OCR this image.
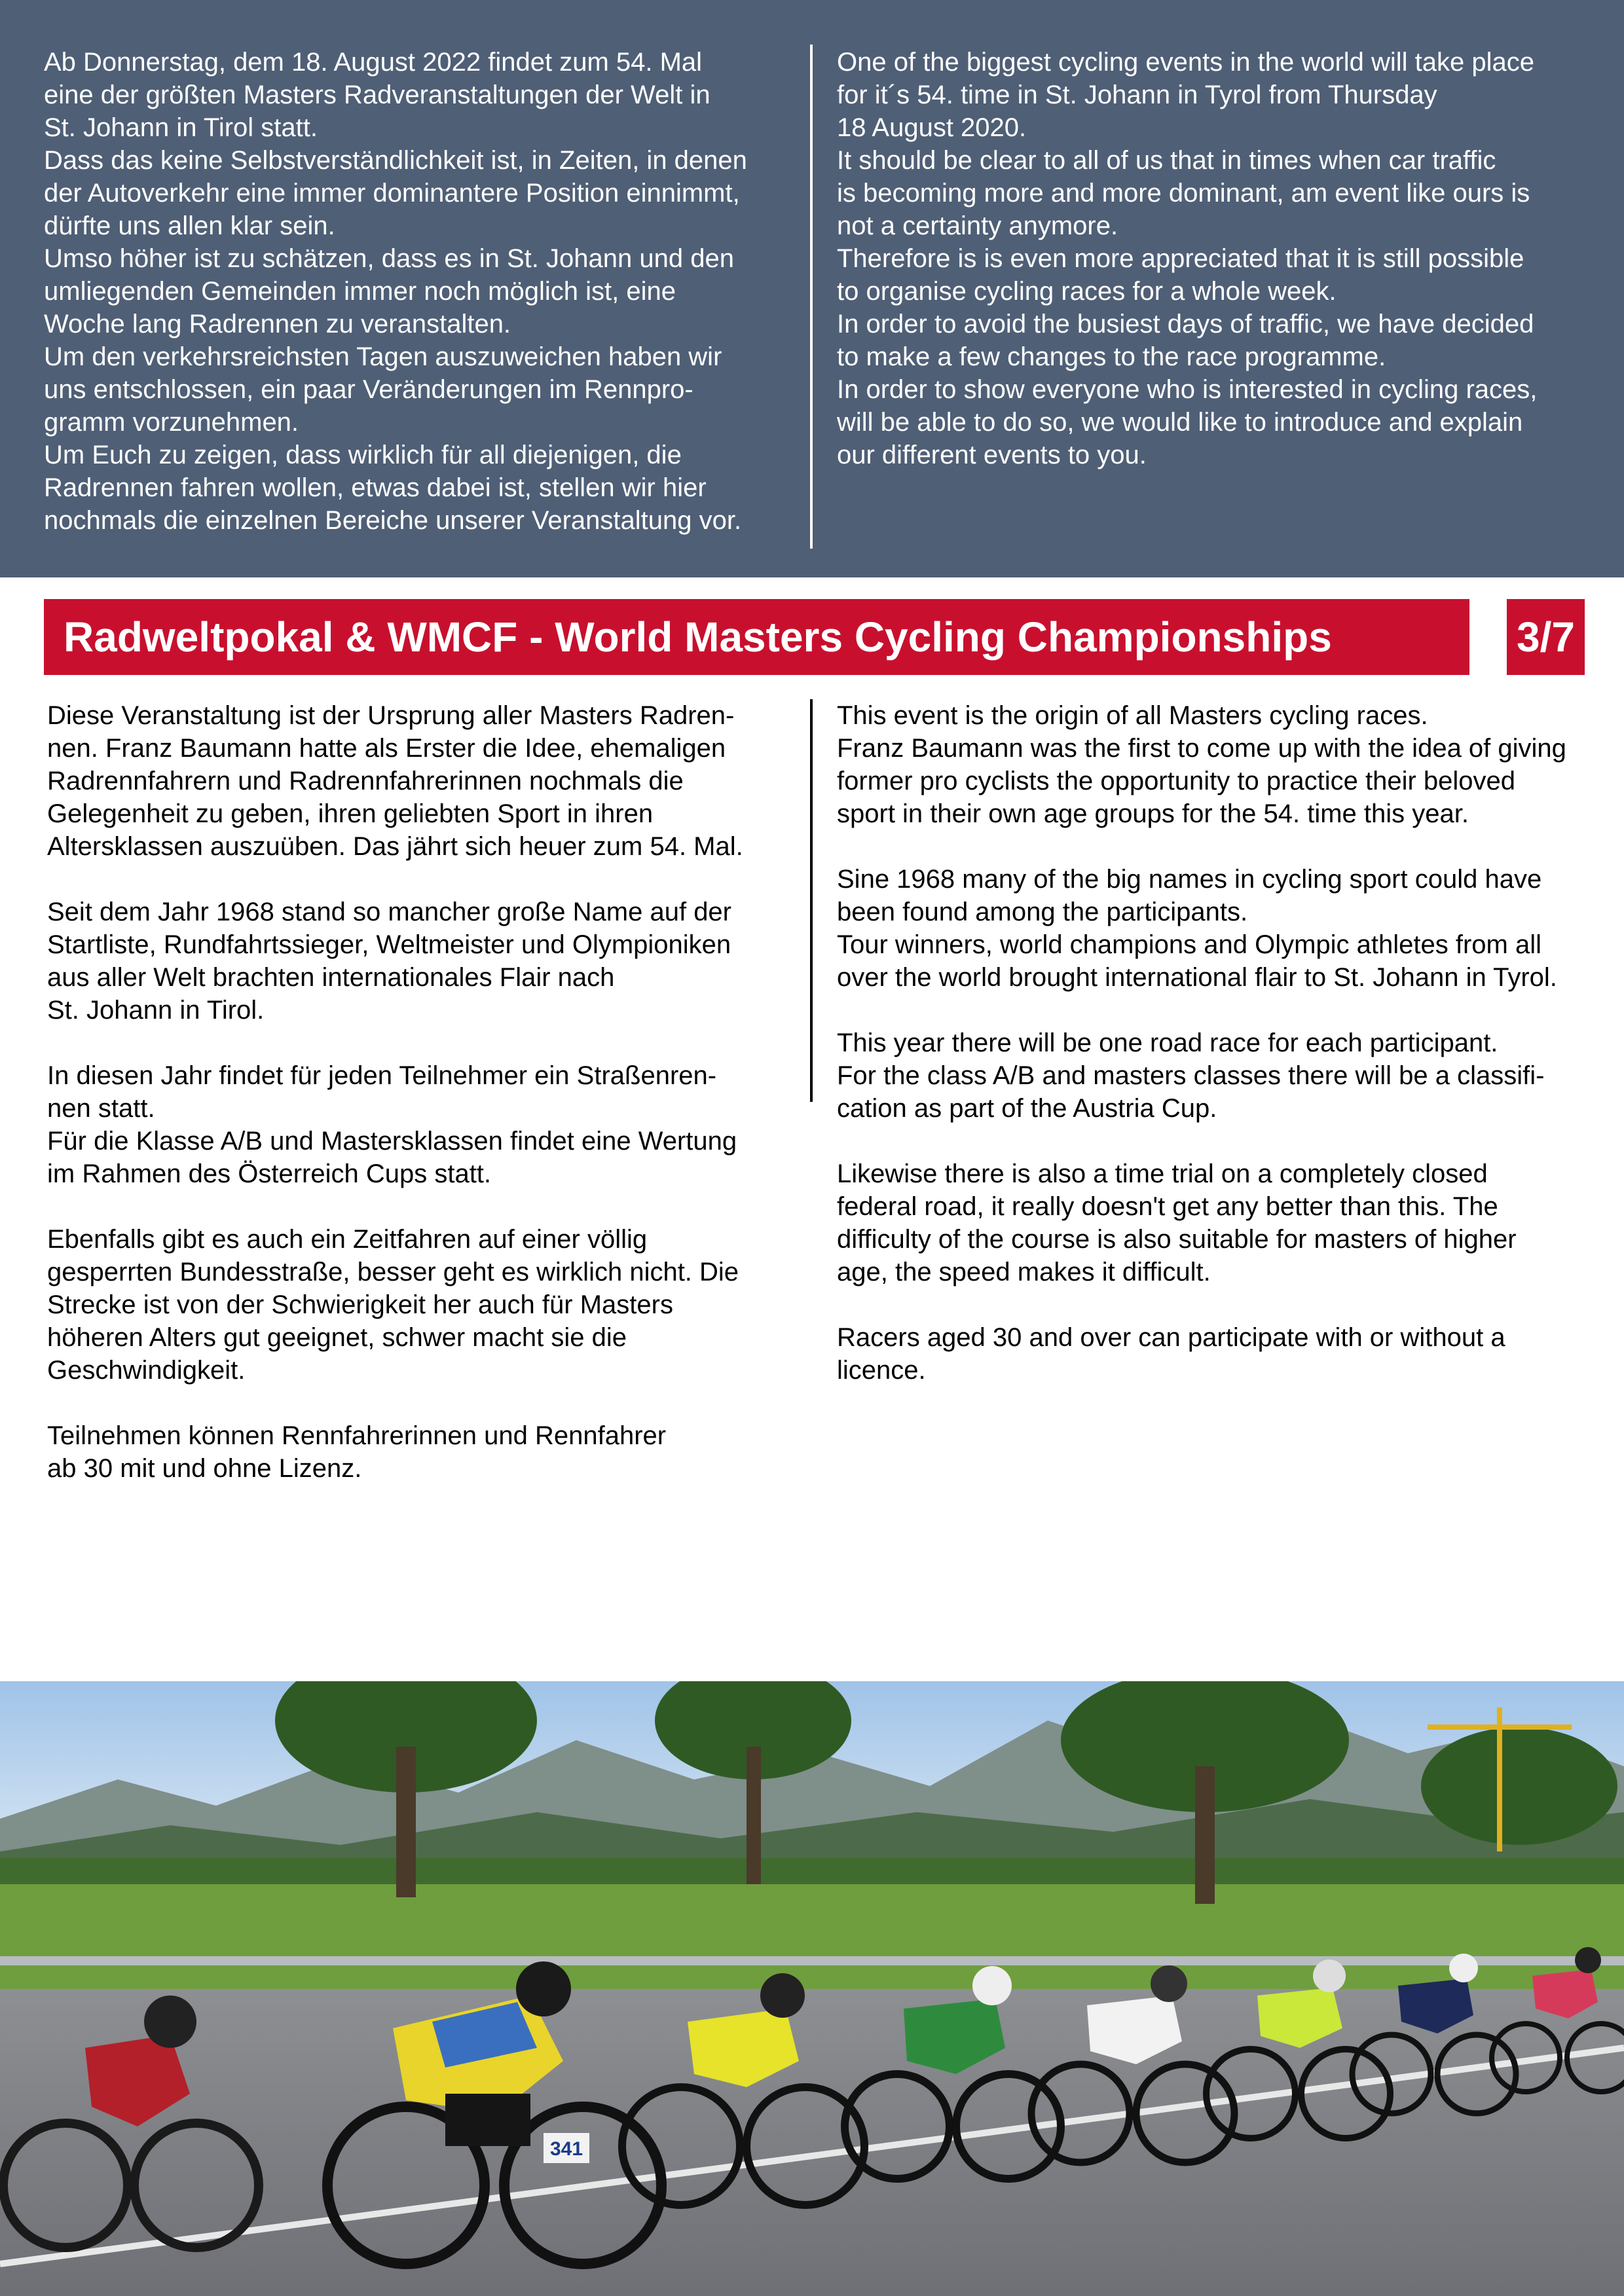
Ab Donnerstag, dem 18. August 2022 findet zum 54. Mal

eine der größten Masters Radveranstaltungen der Welt in

St. Johann in Tirol statt.

Dass das keine Selbstverständlichkeit ist, in Zeiten, in denen

der Autoverkehr eine immer dominantere Position einnimmt,

dürfte uns allen klar sein.

Umso höher ist zu schätzen, dass es in St. Johann und den

umliegenden Gemeinden immer noch möglich ist, eine

Woche lang Radrennen zu veranstalten.

Um den verkehrsreichsten Tagen auszuweichen haben wir

uns entschlossen, ein paar Veränderungen im Rennpro-

gramm vorzunehmen.

Um Euch zu zeigen, dass wirklich für all diejenigen, die

Radrennen fahren wollen, etwas dabei ist, stellen wir hier

nochmals die einzelnen Bereiche unserer Veranstaltung vor.

One of the biggest cycling events in the world will take place

for it´s 54. time in St. Johann in Tyrol from Thursday

18 August 2020.

It should be clear to all of us that in times when car traffic

is becoming more and more dominant, am event like ours is

not a certainty anymore.

Therefore is is even more appreciated that it is still possible

to organise cycling races for a whole week.

In order to avoid the busiest days of traffic, we have decided

to make a few changes to the race programme.

In order to show everyone who is interested in cycling races,

will be able to do so, we would like to introduce and explain

our different events to you.

Radweltpokal & WMCF - World Masters Cycling Championships	3/7

Diese Veranstaltung ist der Ursprung aller Masters Radren-
nen. Franz Baumann hatte als Erster die Idee, ehemaligen
Radrennfahrern und Radrennfahrerinnen nochmals die
Gelegenheit zu geben, ihren geliebten Sport in ihren
Altersklassen auszuüben. Das jährt sich heuer zum 54. Mal.

Seit dem Jahr 1968 stand so mancher große Name auf der
Startliste, Rundfahrtssieger, Weltmeister und Olympioniken
aus aller Welt brachten internationales Flair nach
St. Johann in Tirol.

In diesen Jahr findet für jeden Teilnehmer ein Straßenren-
nen statt.
Für die Klasse A/B und Mastersklassen findet eine Wertung
im Rahmen des Österreich Cups statt.

Ebenfalls gibt es auch ein Zeitfahren auf einer völlig
gesperrten Bundesstraße, besser geht es wirklich nicht. Die
Strecke ist von der Schwierigkeit her auch für Masters
höheren Alters gut geeignet, schwer macht sie die
Geschwindigkeit.

Teilnehmen können Rennfahrerinnen und Rennfahrer
ab 30 mit und ohne Lizenz.

This event is the origin of all Masters cycling races.
Franz Baumann was the first to come up with the idea of giving
former pro cyclists the opportunity to practice their beloved
sport in their own age groups for the 54. time this year.

Sine 1968 many of the big names in cycling sport could have
been found among the participants.
Tour winners, world champions and Olympic athletes from all
over the world brought international flair to St. Johann in Tyrol.

This year there will be one road race for each participant.
For the class A/B and masters classes there will be a classifi-
cation as part of the Austria Cup.

Likewise there is also a time trial on a completely closed
federal road, it really doesn't get any better than this. The
difficulty of the course is also suitable for masters of higher
age, the speed makes it difficult.

Racers aged 30 and over can participate with or without a
licence.

341
